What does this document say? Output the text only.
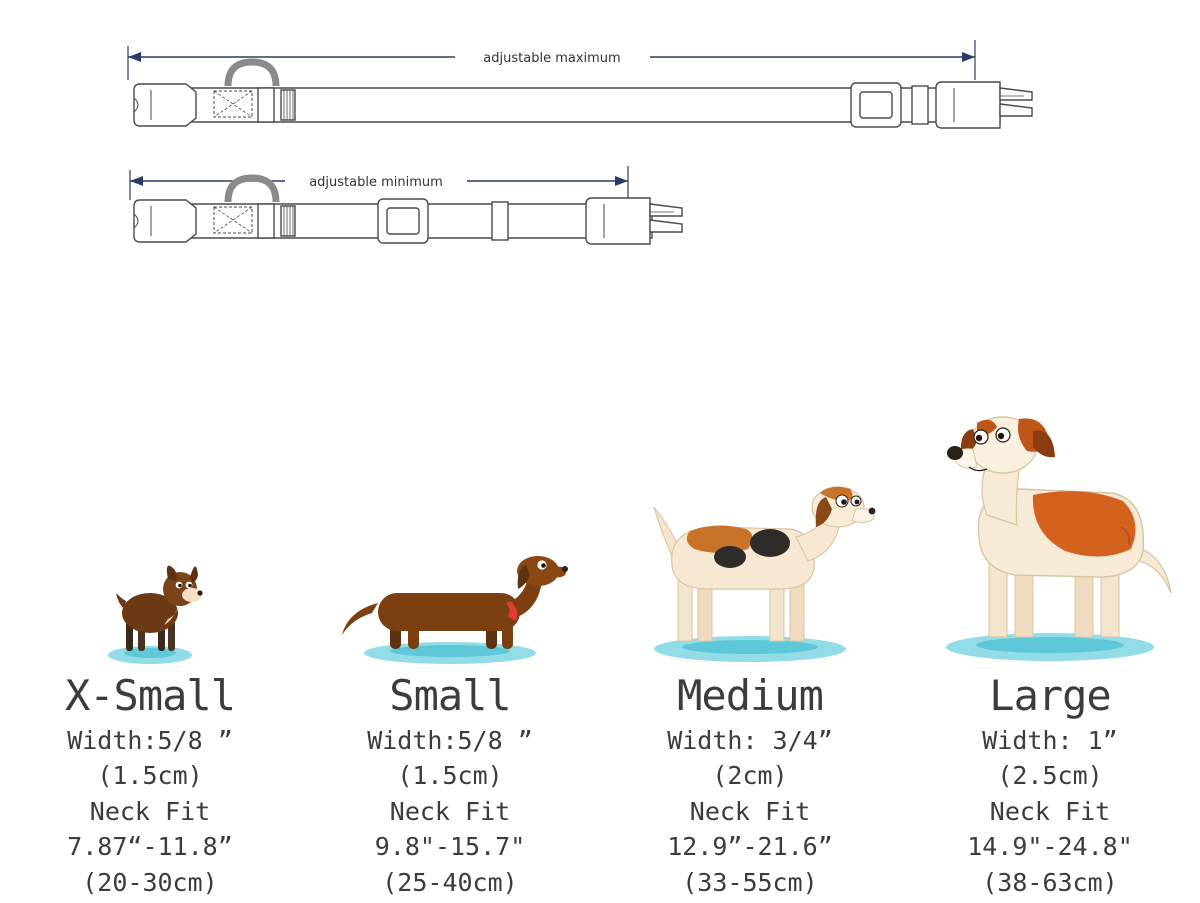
adjustable maximum
adjustable minimum
X-Small
Width:5/8 ”
(1.5cm)
Neck Fit
7.87“-11.8”
(20-30cm)
Small
Width:5/8 ”
(1.5cm)
Neck Fit
9.8"-15.7"
(25-40cm)
Medium
Width: 3/4”
(2cm)
Neck Fit
12.9”-21.6”
(33-55cm)
Large
Width: 1”
(2.5cm)
Neck Fit
14.9"-24.8"
(38-63cm)
